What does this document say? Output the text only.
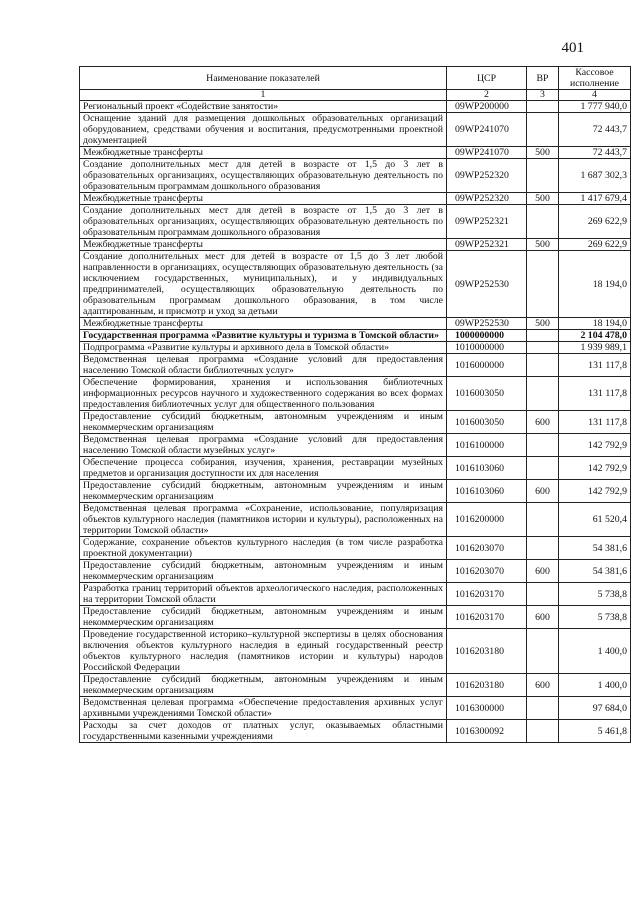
401
Наименование показателей	ЦСР	ВР	Кассовое исполнение
1	2	3	4
Региональный проект «Содействие занятости»	09WP200000		1 777 940,0
Оснащение зданий для размещения дошкольных образовательных организаций оборудованием, средствами обучения и воспитания, предусмотренными проектной документацией	09WP241070		72 443,7
Межбюджетные трансферты	09WP241070	500	72 443,7
Создание дополнительных мест для детей в возрасте от 1,5 до 3 лет в образовательных организациях, осуществляющих образовательную деятельность по образовательным программам дошкольного образования	09WP252320		1 687 302,3
Межбюджетные трансферты	09WP252320	500	1 417 679,4
Создание дополнительных мест для детей в возрасте от 1,5 до 3 лет в образовательных организациях, осуществляющих образовательную деятельность по образовательным программам дошкольного образования	09WP252321		269 622,9
Межбюджетные трансферты	09WP252321	500	269 622,9
Создание дополнительных мест для детей в возрасте от 1,5 до 3 лет любой направленности в организациях, осуществляющих образовательную деятельность (за исключением государственных, муниципальных), и у индивидуальных предпринимателей, осуществляющих образовательную деятельность по образовательным программам дошкольного образования, в том числе адаптированным, и присмотр и уход за детьми	09WP252530		18 194,0
Межбюджетные трансферты	09WP252530	500	18 194,0
Государственная программа «Развитие культуры и туризма в Томской области»	1000000000		2 104 478,0
Подпрограмма «Развитие культуры и архивного дела в Томской области»	1010000000		1 939 989,1
Ведомственная целевая программа «Создание условий для предоставления населению Томской области библиотечных услуг»	1016000000		131 117,8
Обеспечение формирования, хранения и использования библиотечных информационных ресурсов научного и художественного содержания во всех формах предоставления библиотечных услуг для общественного пользования	1016003050		131 117,8
Предоставление субсидий бюджетным, автономным учреждениям и иным некоммерческим организациям	1016003050	600	131 117,8
Ведомственная целевая программа «Создание условий для предоставления населению Томской области музейных услуг»	1016100000		142 792,9
Обеспечение процесса собирания, изучения, хранения, реставрации музейных предметов и организация доступности их для населения	1016103060		142 792,9
Предоставление субсидий бюджетным, автономным учреждениям и иным некоммерческим организациям	1016103060	600	142 792,9
Ведомственная целевая программа «Сохранение, использование, популяризация объектов культурного наследия (памятников истории и культуры), расположенных на территории Томской области»	1016200000		61 520,4
Содержание, сохранение объектов культурного наследия (в том числе разработка проектной документации)	1016203070		54 381,6
Предоставление субсидий бюджетным, автономным учреждениям и иным некоммерческим организациям	1016203070	600	54 381,6
Разработка границ территорий объектов археологического наследия, расположенных на территории Томской области	1016203170		5 738,8
Предоставление субсидий бюджетным, автономным учреждениям и иным некоммерческим организациям	1016203170	600	5 738,8
Проведение государственной историко–культурной экспертизы в целях обоснования включения объектов культурного наследия в единый государственный реестр объектов культурного наследия (памятников истории и культуры) народов Российской Федерации	1016203180		1 400,0
Предоставление субсидий бюджетным, автономным учреждениям и иным некоммерческим организациям	1016203180	600	1 400,0
Ведомственная целевая программа «Обеспечение предоставления архивных услуг архивными учреждениями Томской области»	1016300000		97 684,0
Расходы за счет доходов от платных услуг, оказываемых областными государственными казенными учреждениями	1016300092		5 461,8
